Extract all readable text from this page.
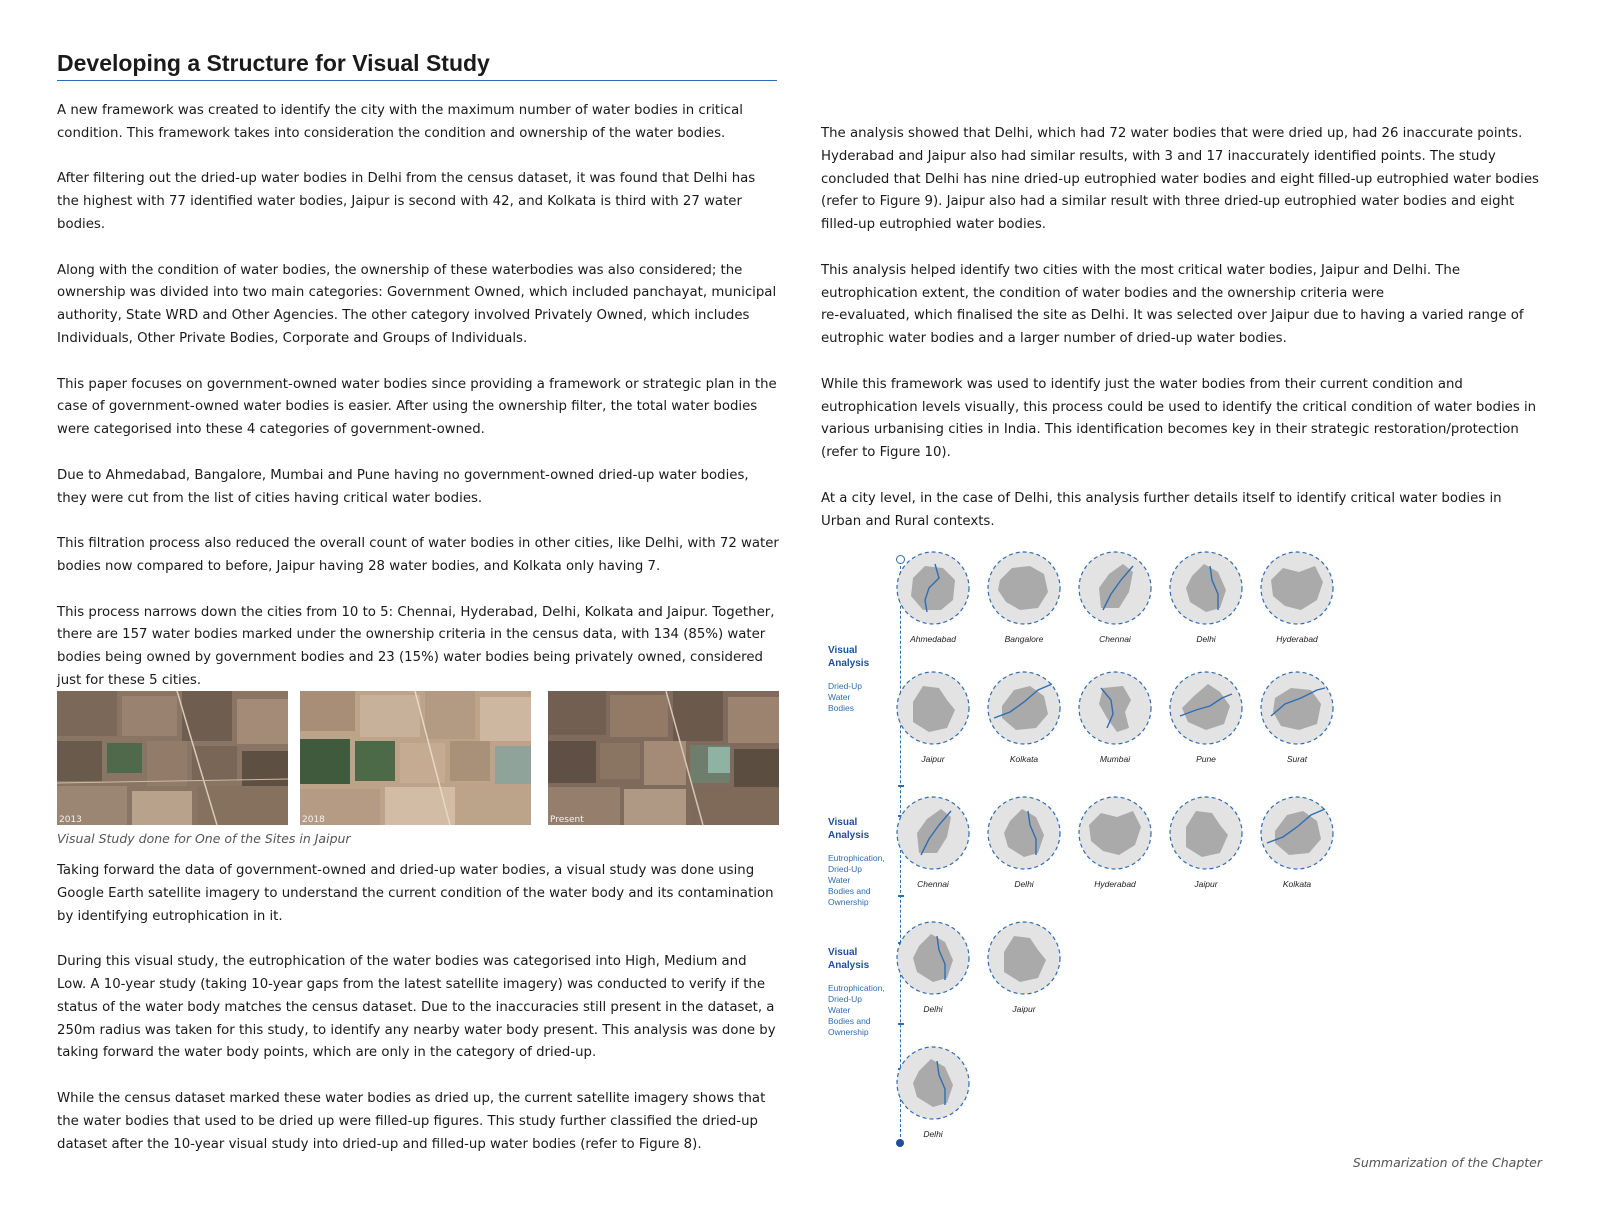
Developing a Structure for Visual Study

A new framework was created to identify the city with the maximum number of water bodies in critical condition. This framework takes into consideration the condition and ownership of the water bodies.

After filtering out the dried-up water bodies in Delhi from the census dataset, it was found that Delhi has the highest with 77 identified water bodies, Jaipur is second with 42, and Kolkata is third with 27 water bodies.

Along with the condition of water bodies, the ownership of these waterbodies was also considered; the ownership was divided into two main categories: Government Owned, which included panchayat, municipal authority, State WRD and Other Agencies. The other category involved Privately Owned, which includes Individuals, Other Private Bodies, Corporate and Groups of Individuals.

This paper focuses on government-owned water bodies since providing a framework or strategic plan in the case of government-owned water bodies is easier. After using the ownership filter, the total water bodies were categorised into these 4 categories of government-owned.

Due to Ahmedabad, Bangalore, Mumbai and Pune having no government-owned dried-up water bodies, they were cut from the list of cities having critical water bodies.

This filtration process also reduced the overall count of water bodies in other cities, like Delhi, with 72 water bodies now compared to before, Jaipur having 28 water bodies, and Kolkata only having 7.

This process narrows down the cities from 10 to 5: Chennai, Hyderabad, Delhi, Kolkata and Jaipur. Together, there are 157 water bodies marked under the ownership criteria in the census data, with 134 (85%) water bodies being owned by government bodies and 23 (15%) water bodies being privately owned, considered just for these 5 cities.

2013	2018	Present
Visual Study done for One of the Sites in Jaipur

Taking forward the data of government-owned and dried-up water bodies, a visual study was done using Google Earth satellite imagery to understand the current condition of the water body and its contamination by identifying eutrophication in it.

During this visual study, the eutrophication of the water bodies was categorised into High, Medium and Low. A 10-year study (taking 10-year gaps from the latest satellite imagery) was conducted to verify if the status of the water body matches the census dataset. Due to the inaccuracies still present in the dataset, a 250m radius was taken for this study, to identify any nearby water body present. This analysis was done by taking forward the water body points, which are only in the category of dried-up.

While the census dataset marked these water bodies as dried up, the current satellite imagery shows that the water bodies that used to be dried up were filled-up figures. This study further classified the dried-up dataset after the 10-year visual study into dried-up and filled-up water bodies (refer to Figure 8).

The analysis showed that Delhi, which had 72 water bodies that were dried up, had 26 inaccurate points. Hyderabad and Jaipur also had similar results, with 3 and 17 inaccurately identified points. The study concluded that Delhi has nine dried-up eutrophied water bodies and eight filled-up eutrophied water bodies (refer to Figure 9). Jaipur also had a similar result with three dried-up eutrophied water bodies and eight filled-up eutrophied water bodies.

This analysis helped identify two cities with the most critical water bodies, Jaipur and Delhi. The eutrophication extent, the condition of water bodies and the ownership criteria were
re-evaluated, which finalised the site as Delhi. It was selected over Jaipur due to having a varied range of eutrophic water bodies and a larger number of dried-up water bodies.

While this framework was used to identify just the water bodies from their current condition and eutrophication levels visually, this process could be used to identify the critical condition of water bodies in various urbanising cities in India. This identification becomes key in their strategic restoration/protection (refer to Figure 10).

At a city level, in the case of Delhi, this analysis further details itself to identify critical water bodies in Urban and Rural contexts.

Visual
Analysis
Dried-Up
Water
Bodies
Visual
Analysis
Eutrophication,
Dried-Up
Water
Bodies and
Ownership
Visual
Analysis
Eutrophication,
Dried-Up
Water
Bodies and
Ownership
Ahmedabad	Bangalore	Chennai	Delhi	Hyderabad
Jaipur	Kolkata	Mumbai	Pune	Surat
Chennai	Delhi	Hyderabad	Jaipur	Kolkata
Delhi	Jaipur
Delhi
Summarization of the Chapter
